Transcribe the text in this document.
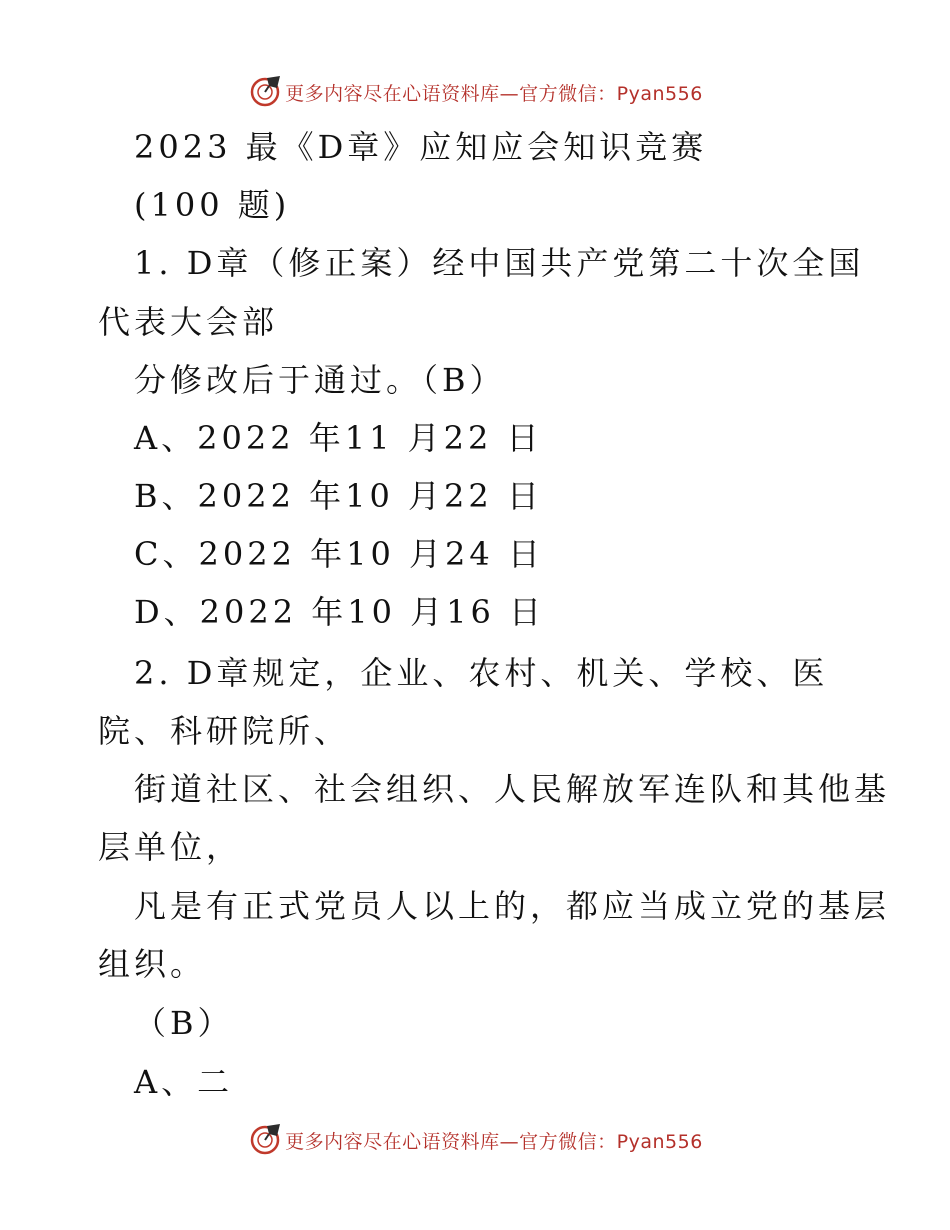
更多内容尽在心语资料库—官方微信：Pyan556
2023 最《D章》应知应会知识竞赛
(100 题)
1. D章（修正案）经中国共产党第二十次全国
代表大会部
分修改后于通过。（B）
A、2022 年11 月22 日
B、2022 年10 月22 日
C、2022 年10 月24 日
D、2022 年10 月16 日
2. D章规定，企业、农村、机关、学校、医
院、科研院所、
街道社区、社会组织、人民解放军连队和其他基
层单位，
凡是有正式党员人以上的，都应当成立党的基层
组织。
（B）
A、二
更多内容尽在心语资料库—官方微信：Pyan556
